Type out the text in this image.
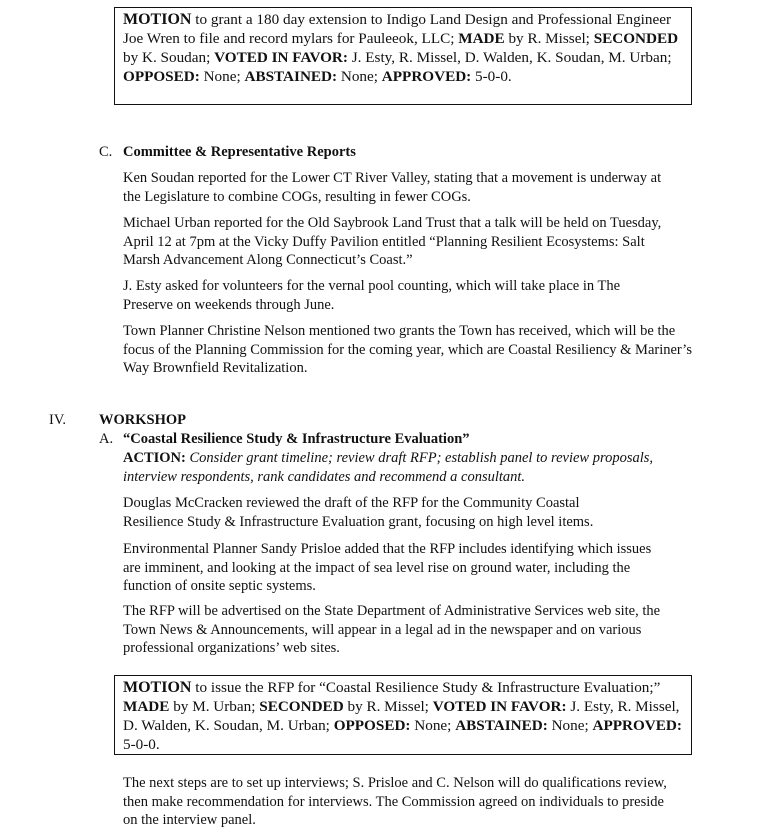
MOTION to grant a 180 day extension to Indigo Land Design and Professional Engineer Joe Wren to file and record mylars for Pauleeok, LLC; MADE by R. Missel; SECONDED by K. Soudan; VOTED IN FAVOR: J. Esty, R. Missel, D. Walden, K. Soudan, M. Urban; OPPOSED: None; ABSTAINED: None; APPROVED: 5-0-0.

C. Committee & Representative Reports

Ken Soudan reported for the Lower CT River Valley, stating that a movement is underway at the Legislature to combine COGs, resulting in fewer COGs.

Michael Urban reported for the Old Saybrook Land Trust that a talk will be held on Tuesday, April 12 at 7pm at the Vicky Duffy Pavilion entitled “Planning Resilient Ecosystems: Salt Marsh Advancement Along Connecticut’s Coast.”

J. Esty asked for volunteers for the vernal pool counting, which will take place in The Preserve on weekends through June.

Town Planner Christine Nelson mentioned two grants the Town has received, which will be the focus of the Planning Commission for the coming year, which are Coastal Resiliency & Mariner’s Way Brownfield Revitalization.

IV. WORKSHOP
A. “Coastal Resilience Study & Infrastructure Evaluation”

ACTION: Consider grant timeline; review draft RFP; establish panel to review proposals, interview respondents, rank candidates and recommend a consultant.

Douglas McCracken reviewed the draft of the RFP for the Community Coastal Resilience Study & Infrastructure Evaluation grant, focusing on high level items.

Environmental Planner Sandy Prisloe added that the RFP includes identifying which issues are imminent, and looking at the impact of sea level rise on ground water, including the function of onsite septic systems.

The RFP will be advertised on the State Department of Administrative Services web site, the Town News & Announcements, will appear in a legal ad in the newspaper and on various professional organizations’ web sites.

MOTION to issue the RFP for “Coastal Resilience Study & Infrastructure Evaluation;” MADE by M. Urban; SECONDED by R. Missel; VOTED IN FAVOR: J. Esty, R. Missel, D. Walden, K. Soudan, M. Urban; OPPOSED: None; ABSTAINED: None; APPROVED: 5-0-0.

The next steps are to set up interviews; S. Prisloe and C. Nelson will do qualifications review, then make recommendation for interviews. The Commission agreed on individuals to preside on the interview panel.
